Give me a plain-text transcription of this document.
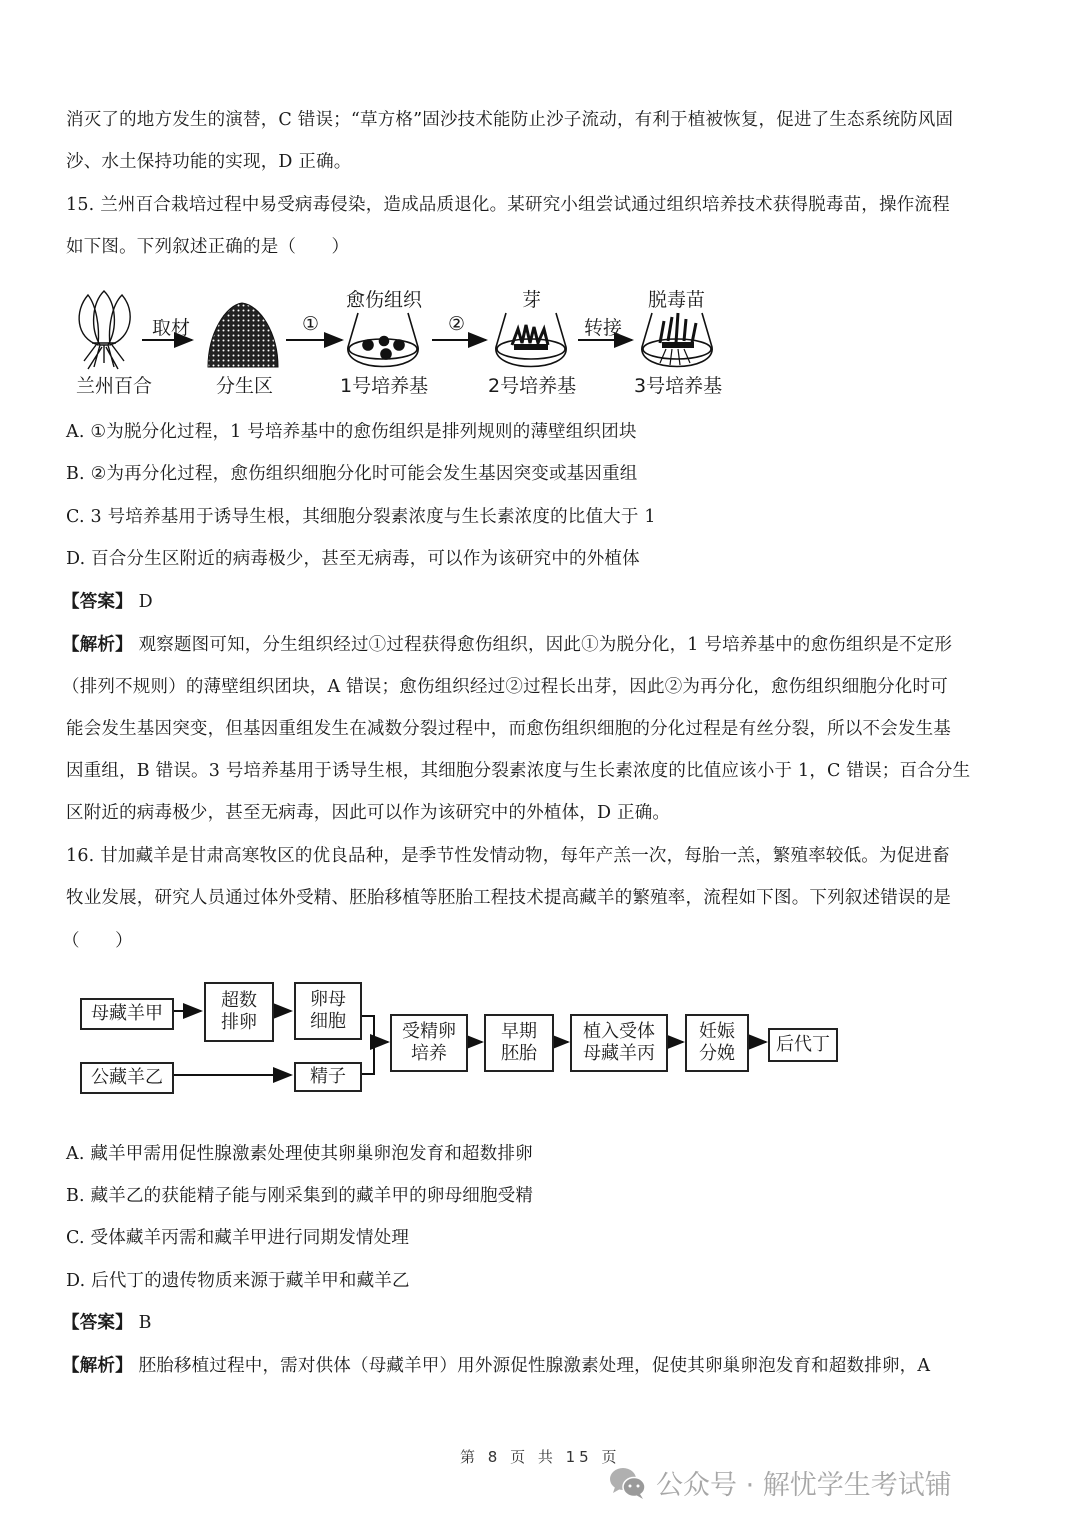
消灭了的地方发生的演替，C 错误；“草方格”固沙技术能防止沙子流动，有利于植被恢复，促进了生态系统防风固
沙、水土保持功能的实现，D 正确。
15. 兰州百合栽培过程中易受病毒侵染，造成品质退化。某研究小组尝试通过组织培养技术获得脱毒苗，操作流程
如下图。下列叙述正确的是（　　）
兰州百合
取材
分生区
①
愈伤组织
1号培养基
②
芽
2号培养基
转接
脱毒苗
3号培养基
A. ①为脱分化过程，1 号培养基中的愈伤组织是排列规则的薄壁组织团块
B. ②为再分化过程，愈伤组织细胞分化时可能会发生基因突变或基因重组
C. 3 号培养基用于诱导生根，其细胞分裂素浓度与生长素浓度的比值大于 1
D. 百合分生区附近的病毒极少，甚至无病毒，可以作为该研究中的外植体
【答案】 D
【解析】 观察题图可知，分生组织经过①过程获得愈伤组织，因此①为脱分化，1 号培养基中的愈伤组织是不定形
（排列不规则）的薄壁组织团块，A 错误；愈伤组织经过②过程长出芽，因此②为再分化，愈伤组织细胞分化时可
能会发生基因突变，但基因重组发生在减数分裂过程中，而愈伤组织细胞的分化过程是有丝分裂，所以不会发生基
因重组，B 错误。3 号培养基用于诱导生根，其细胞分裂素浓度与生长素浓度的比值应该小于 1，C 错误；百合分生
区附近的病毒极少，甚至无病毒，因此可以作为该研究中的外植体，D 正确。
16. 甘加藏羊是甘肃高寒牧区的优良品种，是季节性发情动物，每年产羔一次，每胎一羔，繁殖率较低。为促进畜
牧业发展，研究人员通过体外受精、胚胎移植等胚胎工程技术提高藏羊的繁殖率，流程如下图。下列叙述错误的是
（　　）
母藏羊甲
超数
排卵
卵母
细胞
公藏羊乙	精子
受精卵
培养
早期
胚胎
植入受体
母藏羊丙
妊娠
分娩	后代丁
A. 藏羊甲需用促性腺激素处理使其卵巢卵泡发育和超数排卵
B. 藏羊乙的获能精子能与刚采集到的藏羊甲的卵母细胞受精
C. 受体藏羊丙需和藏羊甲进行同期发情处理
D. 后代丁的遗传物质来源于藏羊甲和藏羊乙
【答案】 B
【解析】 胚胎移植过程中，需对供体（母藏羊甲）用外源促性腺激素处理，促使其卵巢卵泡发育和超数排卵，A
第 8 页 共 15 页
公众号 · 解忧学生考试铺
